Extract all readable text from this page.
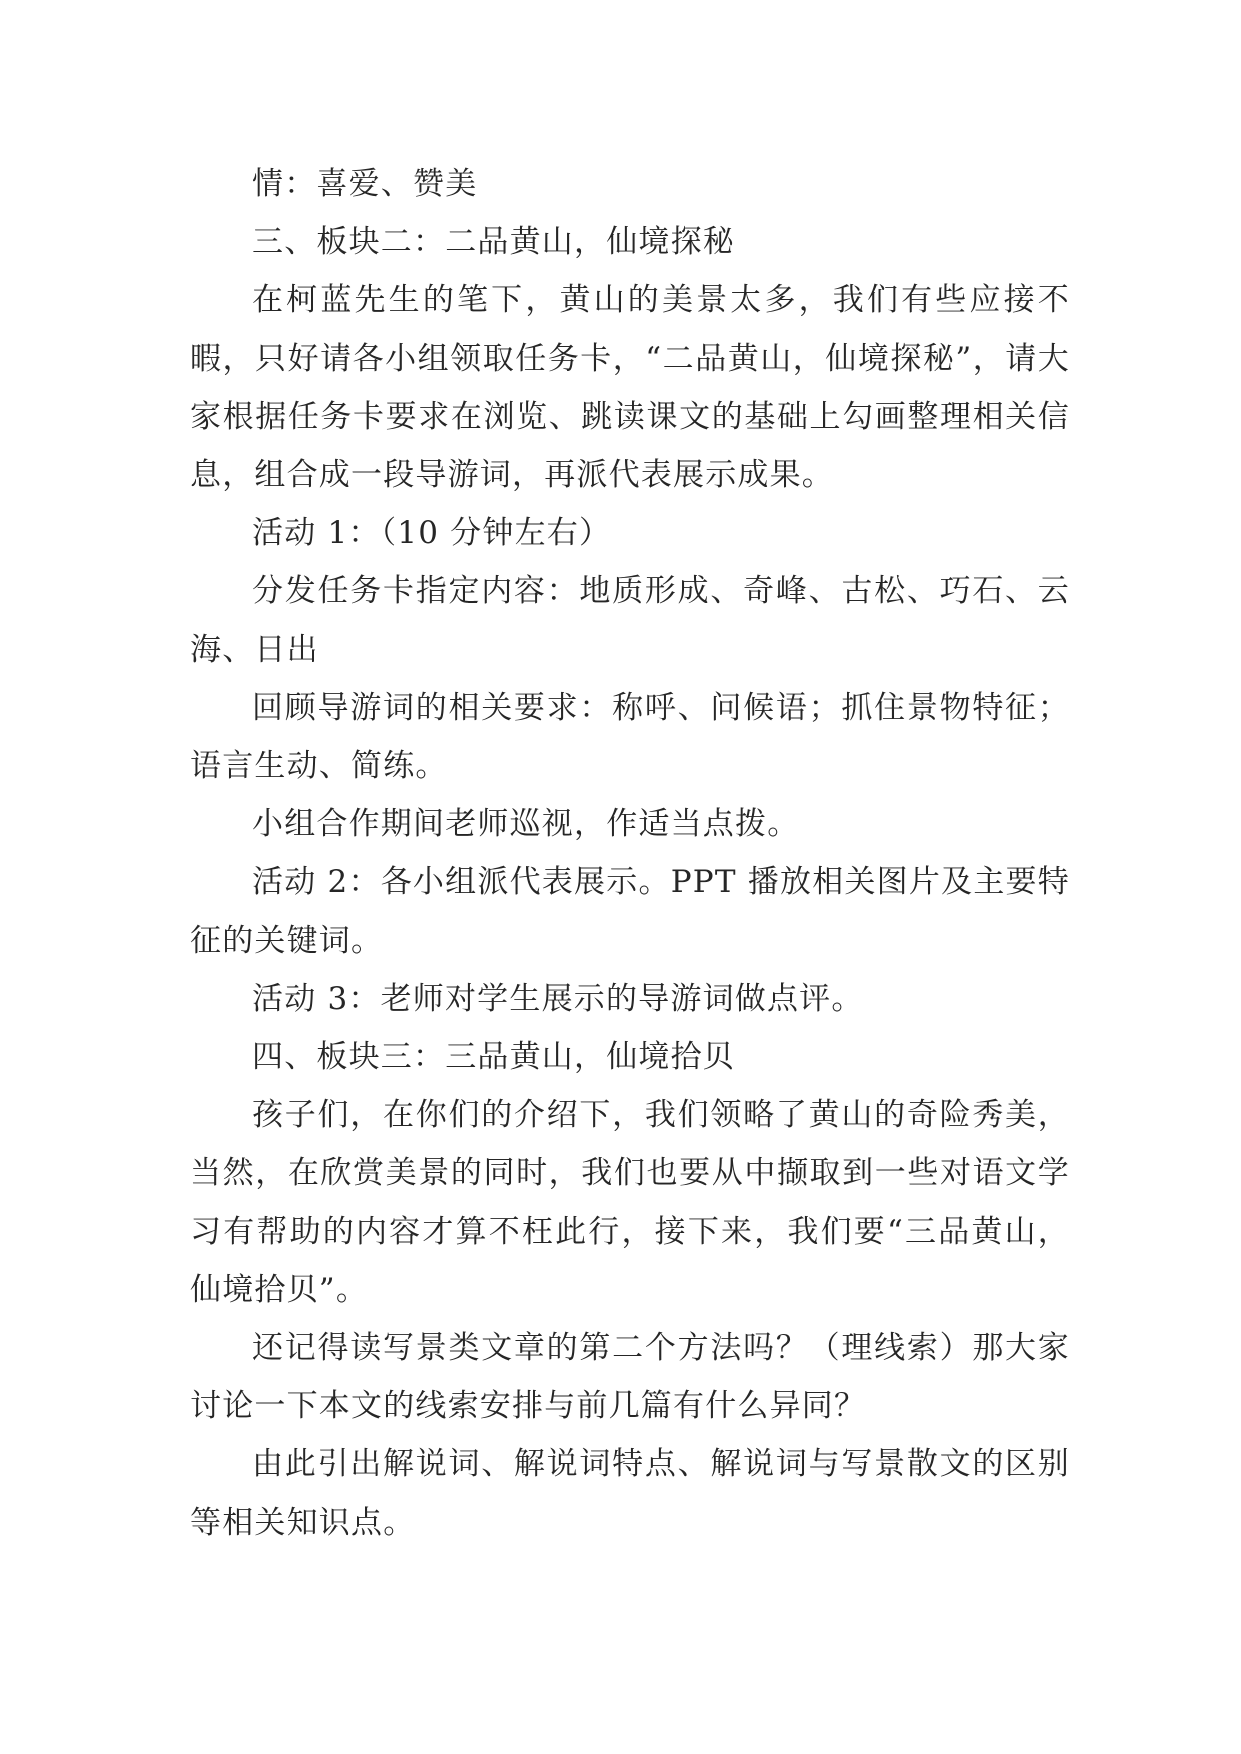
情：喜爱、赞美

三、板块二：二品黄山，仙境探秘

在柯蓝先生的笔下，黄山的美景太多，我们有些应接不暇，只好请各小组领取任务卡，“二品黄山，仙境探秘”，请大家根据任务卡要求在浏览、跳读课文的基础上勾画整理相关信息，组合成一段导游词，再派代表展示成果。

活动 1：（10 分钟左右）

分发任务卡指定内容：地质形成、奇峰、古松、巧石、云海、日出

回顾导游词的相关要求：称呼、问候语；抓住景物特征；语言生动、简练。

小组合作期间老师巡视，作适当点拨。

活动 2：各小组派代表展示。PPT 播放相关图片及主要特征的关键词。

活动 3：老师对学生展示的导游词做点评。

四、板块三：三品黄山，仙境拾贝

孩子们，在你们的介绍下，我们领略了黄山的奇险秀美，当然，在欣赏美景的同时，我们也要从中撷取到一些对语文学习有帮助的内容才算不枉此行，接下来，我们要“三品黄山，仙境拾贝”。

还记得读写景类文章的第二个方法吗？（理线索）那大家讨论一下本文的线索安排与前几篇有什么异同？

由此引出解说词、解说词特点、解说词与写景散文的区别等相关知识点。
